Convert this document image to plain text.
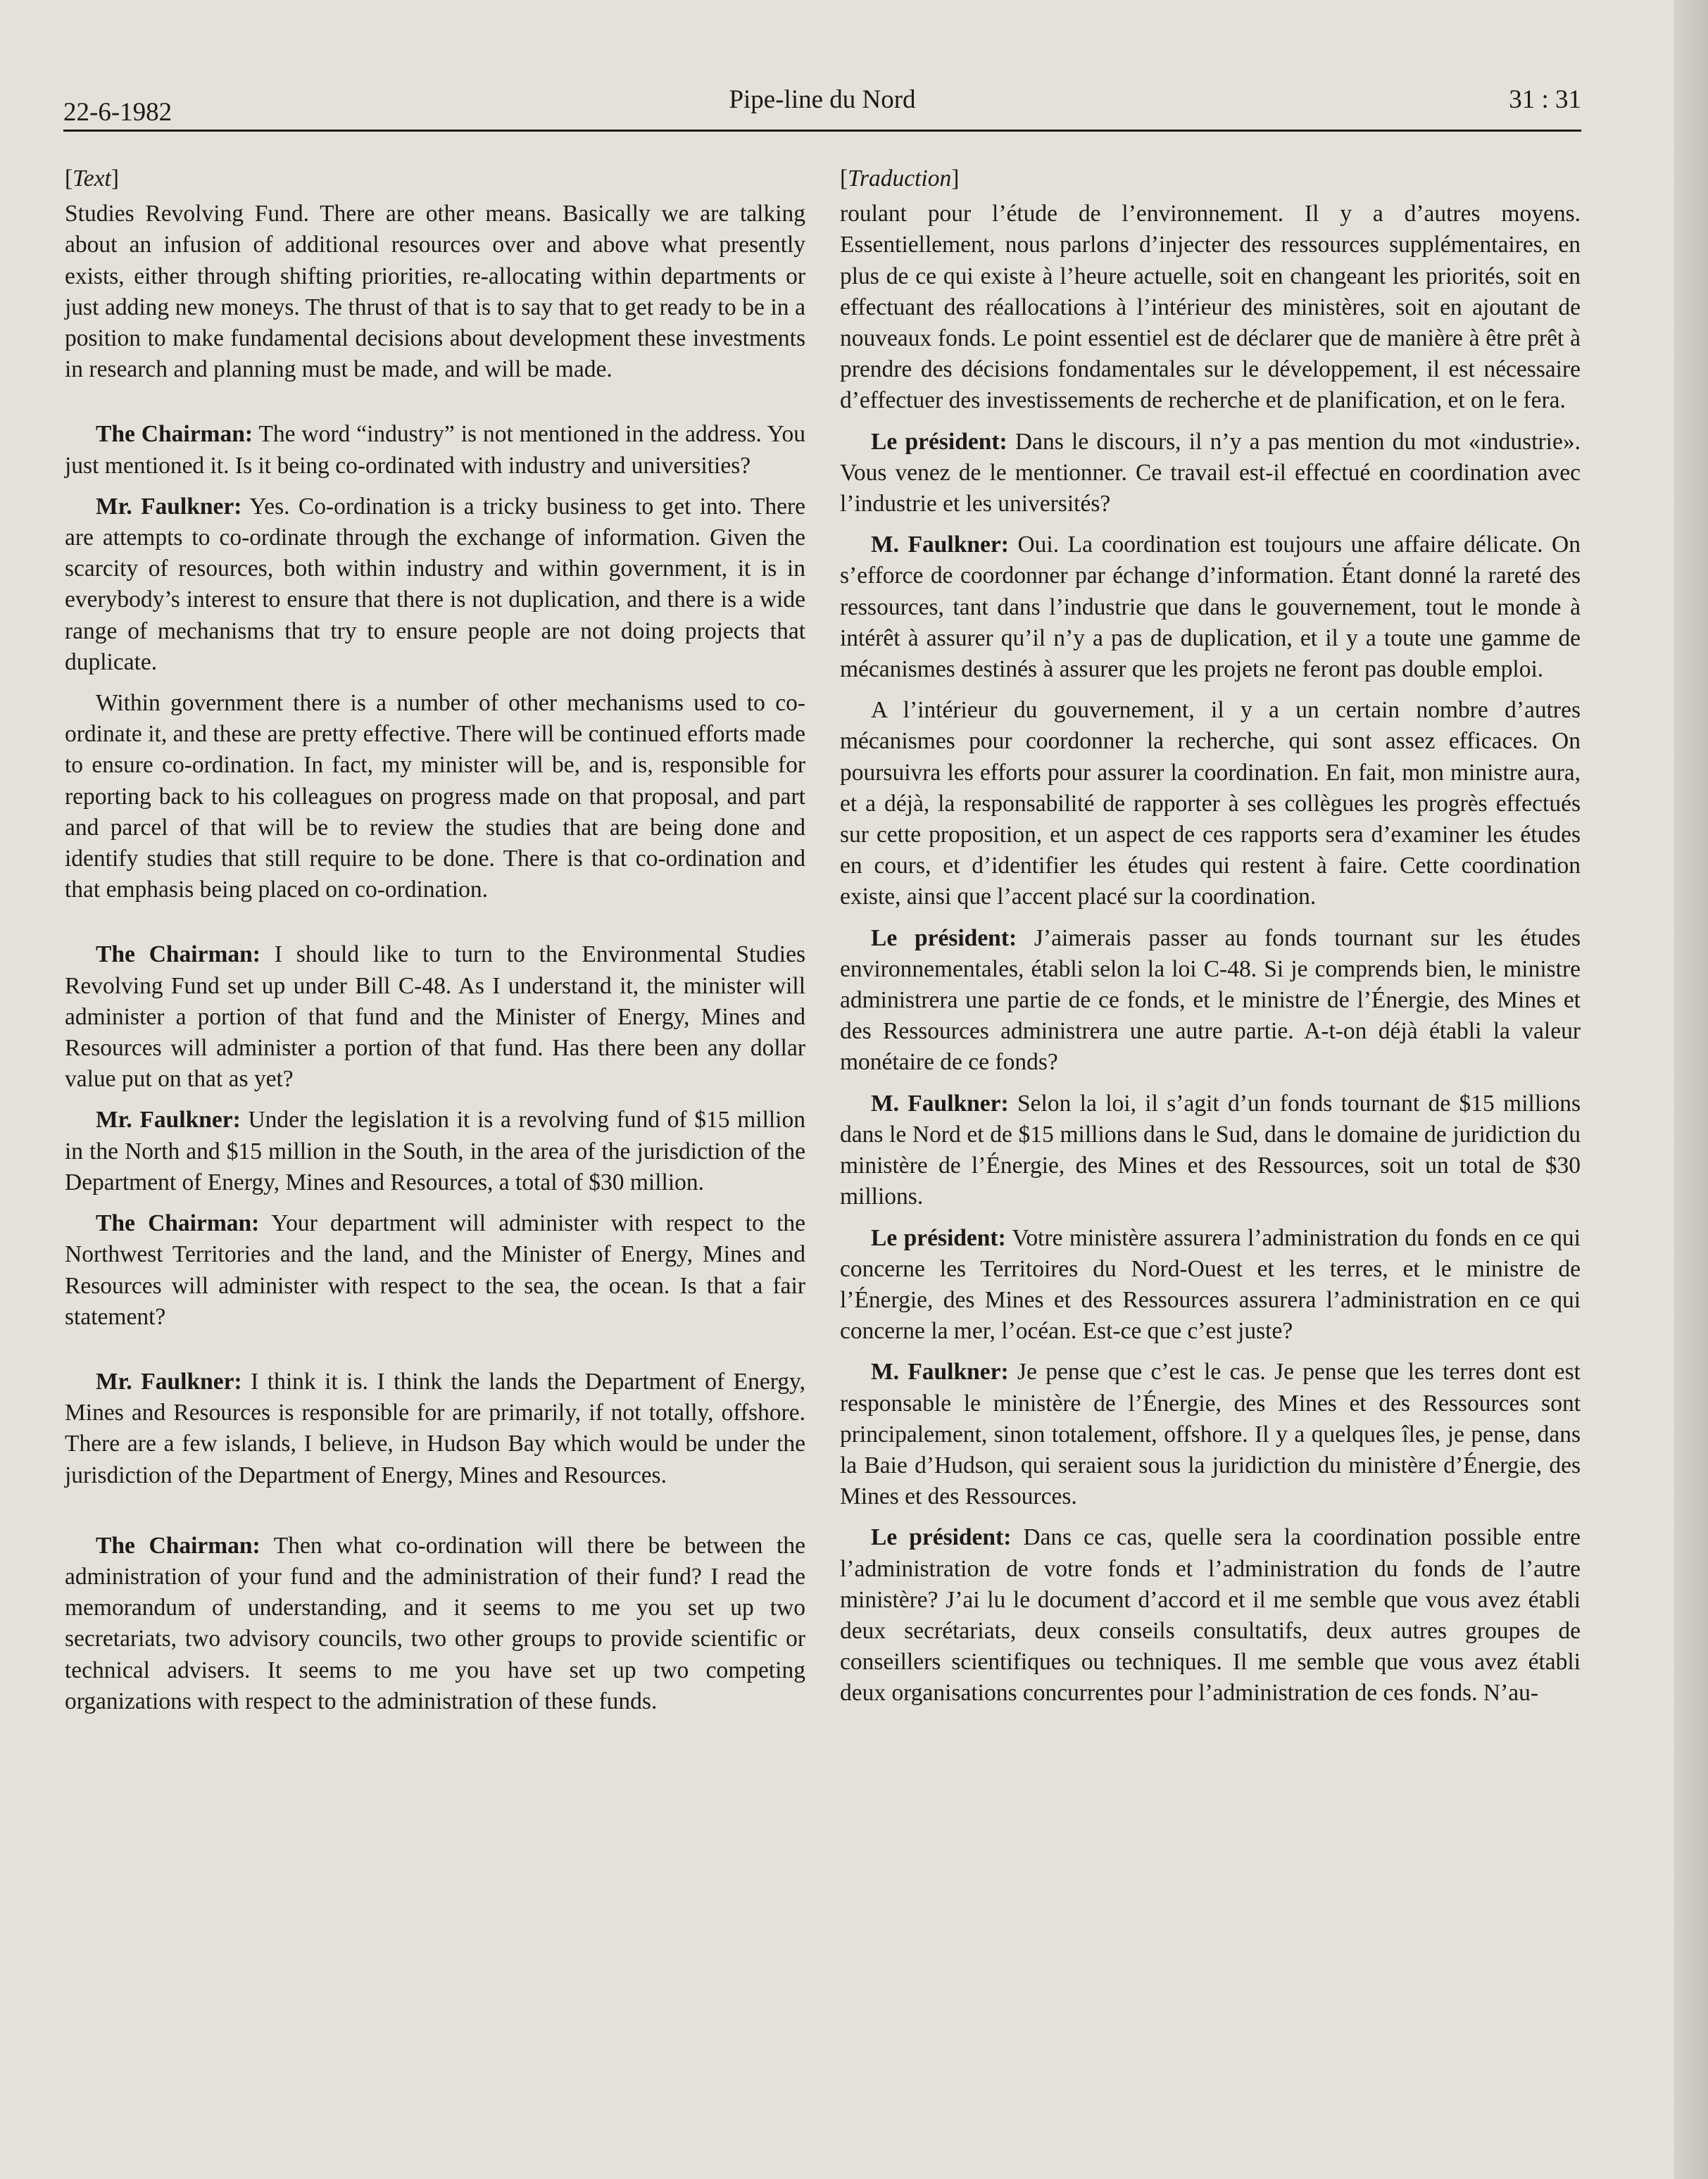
22-6-1982	Pipe-line du Nord	31 : 31
[Text]

Studies Revolving Fund. There are other means. Basically we are talking about an infusion of additional resources over and above what presently exists, either through shifting priorities, re-allocating within departments or just adding new moneys. The thrust of that is to say that to get ready to be in a position to make fundamental decisions about development these investments in research and planning must be made, and will be made.

The Chairman: The word “industry” is not mentioned in the address. You just mentioned it. Is it being co-ordinated with industry and universities?

Mr. Faulkner: Yes. Co-ordination is a tricky business to get into. There are attempts to co-ordinate through the exchange of information. Given the scarcity of resources, both within industry and within government, it is in everybody’s interest to ensure that there is not duplication, and there is a wide range of mechanisms that try to ensure people are not doing projects that duplicate.

Within government there is a number of other mechanisms used to co-ordinate it, and these are pretty effective. There will be continued efforts made to ensure co-ordination. In fact, my minister will be, and is, responsible for reporting back to his colleagues on progress made on that proposal, and part and parcel of that will be to review the studies that are being done and identify studies that still require to be done. There is that co-ordination and that emphasis being placed on co-ordination.

The Chairman: I should like to turn to the Environmental Studies Revolving Fund set up under Bill C-48. As I understand it, the minister will administer a portion of that fund and the Minister of Energy, Mines and Resources will administer a portion of that fund. Has there been any dollar value put on that as yet?

Mr. Faulkner: Under the legislation it is a revolving fund of $15 million in the North and $15 million in the South, in the area of the jurisdiction of the Department of Energy, Mines and Resources, a total of $30 million.

The Chairman: Your department will administer with respect to the Northwest Territories and the land, and the Minister of Energy, Mines and Resources will administer with respect to the sea, the ocean. Is that a fair statement?

Mr. Faulkner: I think it is. I think the lands the Department of Energy, Mines and Resources is responsible for are primarily, if not totally, offshore. There are a few islands, I believe, in Hudson Bay which would be under the jurisdiction of the Department of Energy, Mines and Resources.

The Chairman: Then what co-ordination will there be between the administration of your fund and the administration of their fund? I read the memorandum of understanding, and it seems to me you set up two secretariats, two advisory councils, two other groups to provide scientific or technical advisers. It seems to me you have set up two competing organizations with respect to the administration of these funds.

[Traduction]

roulant pour l’étude de l’environnement. Il y a d’autres moyens. Essentiellement, nous parlons d’injecter des ressources supplémentaires, en plus de ce qui existe à l’heure actuelle, soit en changeant les priorités, soit en effectuant des réallocations à l’intérieur des ministères, soit en ajoutant de nouveaux fonds. Le point essentiel est de déclarer que de manière à être prêt à prendre des décisions fondamentales sur le développement, il est nécessaire d’effectuer des investissements de recherche et de planification, et on le fera.

Le président: Dans le discours, il n’y a pas mention du mot «industrie». Vous venez de le mentionner. Ce travail est-il effectué en coordination avec l’industrie et les universités?

M. Faulkner: Oui. La coordination est toujours une affaire délicate. On s’efforce de coordonner par échange d’information. Étant donné la rareté des ressources, tant dans l’industrie que dans le gouvernement, tout le monde à intérêt à assurer qu’il n’y a pas de duplication, et il y a toute une gamme de mécanismes destinés à assurer que les projets ne feront pas double emploi.

A l’intérieur du gouvernement, il y a un certain nombre d’autres mécanismes pour coordonner la recherche, qui sont assez efficaces. On poursuivra les efforts pour assurer la coordination. En fait, mon ministre aura, et a déjà, la responsabilité de rapporter à ses collègues les progrès effectués sur cette proposition, et un aspect de ces rapports sera d’examiner les études en cours, et d’identifier les études qui restent à faire. Cette coordination existe, ainsi que l’accent placé sur la coordination.

Le président: J’aimerais passer au fonds tournant sur les études environnementales, établi selon la loi C-48. Si je comprends bien, le ministre administrera une partie de ce fonds, et le ministre de l’Énergie, des Mines et des Ressources administrera une autre partie. A-t-on déjà établi la valeur monétaire de ce fonds?

M. Faulkner: Selon la loi, il s’agit d’un fonds tournant de $15 millions dans le Nord et de $15 millions dans le Sud, dans le domaine de juridiction du ministère de l’Énergie, des Mines et des Ressources, soit un total de $30 millions.

Le président: Votre ministère assurera l’administration du fonds en ce qui concerne les Territoires du Nord-Ouest et les terres, et le ministre de l’Énergie, des Mines et des Ressources assurera l’administration en ce qui concerne la mer, l’océan. Est-ce que c’est juste?

M. Faulkner: Je pense que c’est le cas. Je pense que les terres dont est responsable le ministère de l’Énergie, des Mines et des Ressources sont principalement, sinon totalement, offshore. Il y a quelques îles, je pense, dans la Baie d’Hudson, qui seraient sous la juridiction du ministère d’Énergie, des Mines et des Ressources.

Le président: Dans ce cas, quelle sera la coordination possible entre l’administration de votre fonds et l’administration du fonds de l’autre ministère? J’ai lu le document d’accord et il me semble que vous avez établi deux secrétariats, deux conseils consultatifs, deux autres groupes de conseillers scientifiques ou techniques. Il me semble que vous avez établi deux organisations concurrentes pour l’administration de ces fonds. N’au-
